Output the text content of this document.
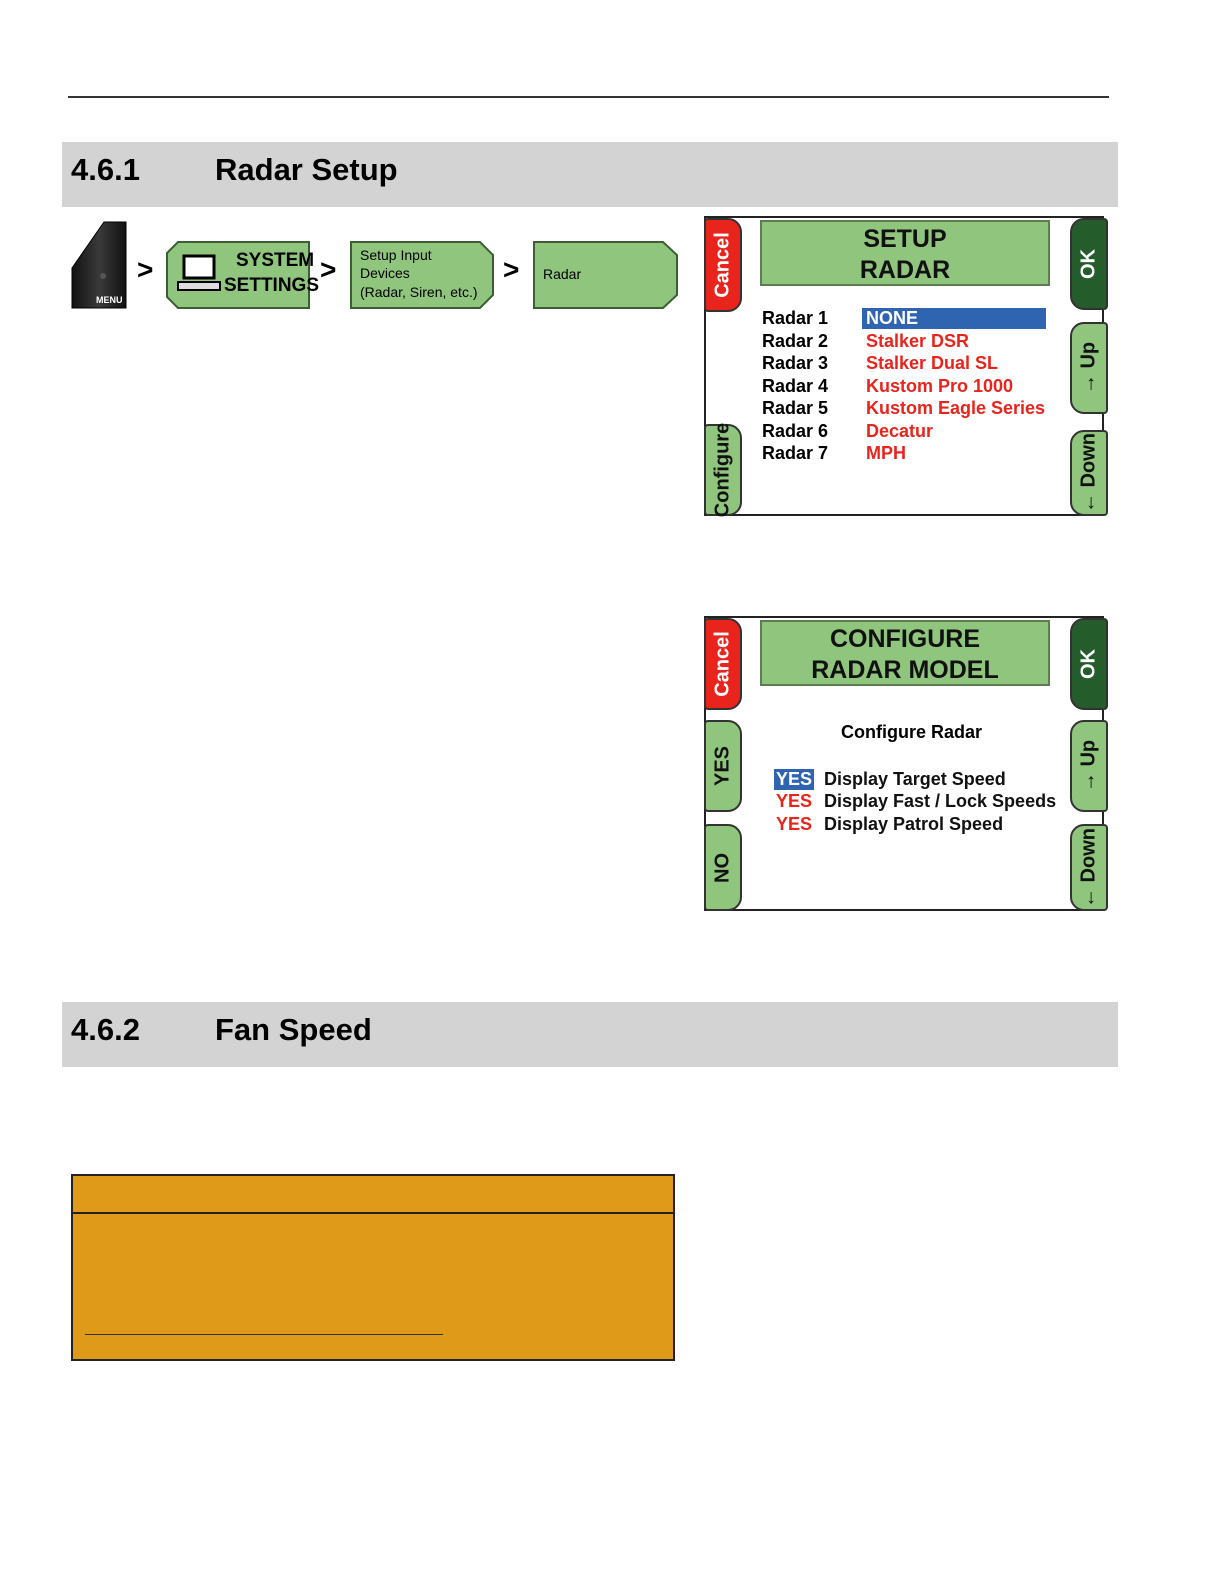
4.6.1 Radar Setup
MENU
>	SYSTEM
SETTINGS
> Setup Input
Devices
(Radar, Siren, etc.)
> Radar
SETUP
RADAR
Cancel
Configure
OK
→ Up
← Down
Radar 1 NONE
Radar 2 Stalker DSR
Radar 3 Stalker Dual SL
Radar 4 Kustom Pro 1000
Radar 5 Kustom Eagle Series
Radar 6 Decatur
Radar 7 MPH
CONFIGURE
RADAR MODEL
Cancel
YES
NO
OK
→ Up
← Down
Configure Radar
YES Display Target Speed
YES Display Fast / Lock Speeds
YES Display Patrol Speed
4.6.2 Fan Speed
